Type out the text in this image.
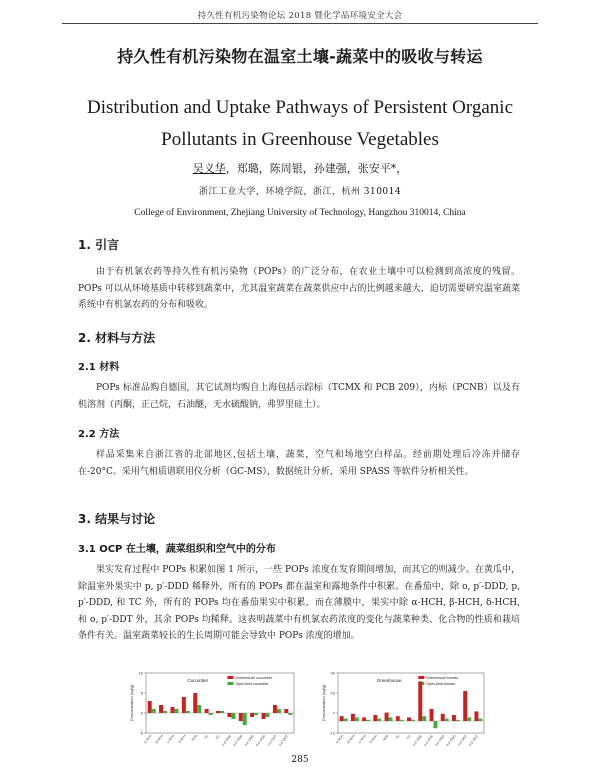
持久性有机污染物论坛 2018 暨化学品环境安全大会
持久性有机污染物在温室土壤-蔬菜中的吸收与转运
Distribution and Uptake Pathways of Persistent Organic Pollutants in Greenhouse Vegetables
吴义华，郑璐，陈周银，孙建强，张安平*，
浙江工业大学，环境学院，浙江，杭州 310014
College of Environment, Zhejiang University of Technology, Hangzhou 310014, China
1. 引言
由于有机氯农药等持久性有机污染物（POPs）的广泛分布，在农业土壤中可以检测到高浓度的残留。POPs 可以从环境基质中转移到蔬菜中，尤其温室蔬菜在蔬菜供应中占的比例越来越大，迫切需要研究温室蔬菜系统中有机氯农药的分布和吸收。
2. 材料与方法
2.1 材料
POPs 标准品购自德国，其它试剂均购自上海包括示踪标（TCMX 和 PCB 209），内标（PCNB）以及有机溶剂（丙酮，正己烷，石油醚，无水硫酸钠，弗罗里硅土）。
2.2 方法
样品采集来自浙江省的北部地区,包括土壤，蔬菜，空气和场地空白样品。经前期处理后冷冻并储存在-20°C。采用气相质谱联用仪分析（GC-MS），数据统计分析，采用 SPASS 等软件分析相关性。
3. 结果与讨论
3.1 OCP 在土壤，蔬菜组织和空气中的分布
果实发育过程中 POPs 积累如图 1 所示，一些 POPs 浓度在发育期间增加，而其它的则减少。在黄瓜中，除温室外果实中 p, p′-DDD 稀释外，所有的 POPs 都在温室和露地条件中积累。在番茄中，除 o, p′-DDD, p, p′-DDD, 和 TC 外，所有的 POPs 均在番茄果实中积累，而在薄膜中，果实中除 α-HCH, β-HCH, δ-HCH, 和 o, p′-DDT 外，其余 POPs 均稀释。这表明蔬菜中有机氯农药浓度的变化与蔬菜种类、化合物的性质和栽培条件有关。温室蔬菜较长的生长周期可能会导致中 POPs 浓度的增加。
-5
0
5
10
Concentration (ng/g)
Cucumber
Greenhouse cucumber
Open-field cucumber
α-HCH β-HCH γ-HCH δ-HCH HCB TC CC o,p'-DDE p,p'-DDE o,p'-DDD p,p'-DDD o,p'-DDT p,p'-DDT
-10
7
23
40
Concentration (ng/g)
Greenhouse
Greenhouse tomato
Open-field tomato
α-HCH β-HCH γ-HCH δ-HCH HCB TC CC o,p'-DDE p,p'-DDE o,p'-DDD p,p'-DDD o,p'-DDT p,p'-DDT
285
